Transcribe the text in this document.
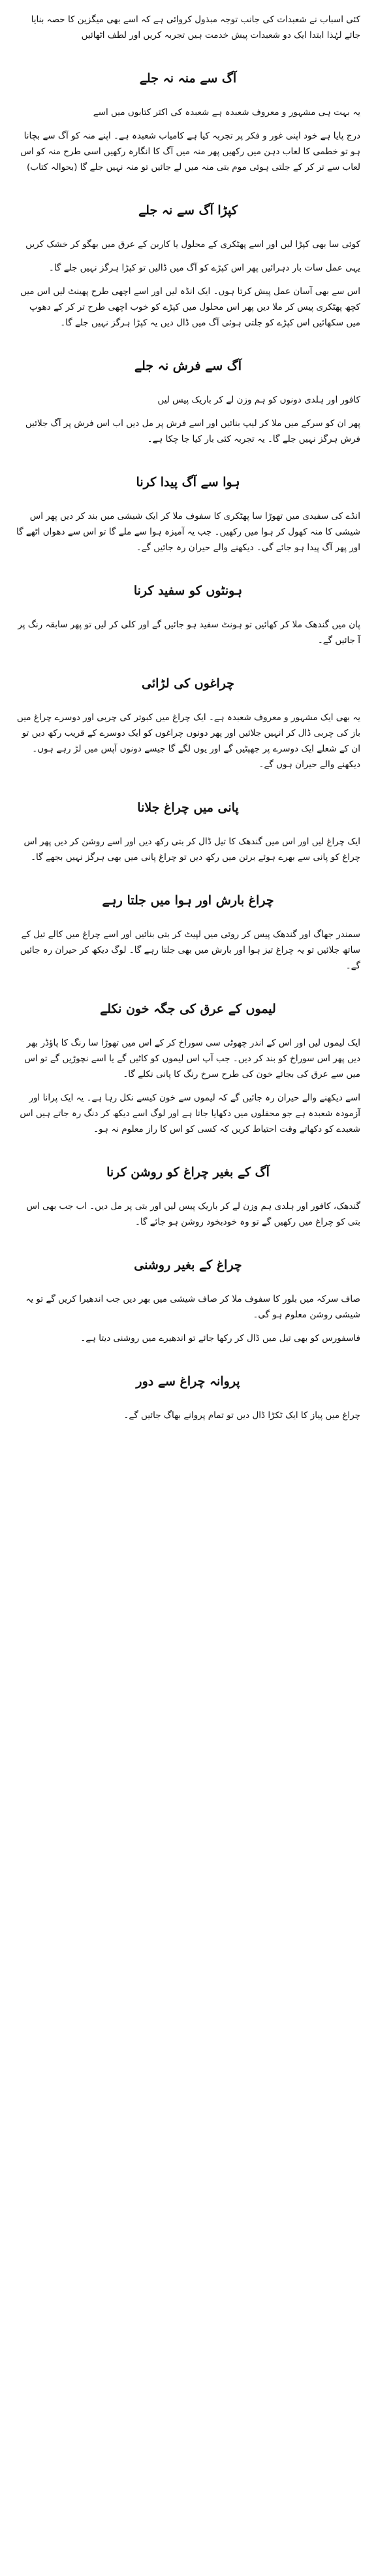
کئی اسباب نے شعبدات کی جانب توجہ مبذول کروائی ہے کہ اسے بھی میگزین کا حصہ بنایا جائے لہٰذا ابتدا ایک دو شعبدات پیش خدمت ہیں تجربہ کریں اور لطف اٹھائیں

آگ سے منہ نہ جلے

یہ بہت ہی مشہور و معروف شعبدہ ہے شعبدہ کی اکثر کتابوں میں اسے

درج پایا ہے خود اپنی غور و فکر پر تجربہ کیا ہے کامیاب شعبدہ ہے۔ اپنے منہ کو آگ سے بچانا ہو تو خطمی کا لعاب دہن میں رکھیں پھر منہ میں آگ کا انگارہ رکھیں اسی طرح منہ کو اس لعاب سے تر کر کے جلتی ہوئی موم بتی منہ میں لے جائیں تو منہ نہیں جلے گا (بحوالہ کتاب)

کپڑا آگ سے نہ جلے

کوئی سا بھی کپڑا لیں اور اسے پھٹکری کے محلول یا کاربن کے عرق میں بھگو کر خشک کریں

یہی عمل سات بار دہرائیں پھر اس کپڑے کو آگ میں ڈالیں تو کپڑا ہرگز نہیں جلے گا۔

اس سے بھی آسان عمل پیش کرتا ہوں۔ ایک انڈہ لیں اور اسے اچھی طرح پھینٹ لیں اس میں کچھ پھٹکری پیس کر ملا دیں پھر اس محلول میں کپڑے کو خوب اچھی طرح تر کر کے دھوپ میں سکھائیں اس کپڑے کو جلتی ہوئی آگ میں ڈال دیں یہ کپڑا ہرگز نہیں جلے گا۔

آگ سے فرش نہ جلے

کافور اور ہلدی دونوں کو ہم وزن لے کر باریک پیس لیں

پھر ان کو سرکے میں ملا کر لیپ بنائیں اور اسے فرش پر مل دیں اب اس فرش پر آگ جلائیں فرش ہرگز نہیں جلے گا۔ یہ تجربہ کئی بار کیا جا چکا ہے۔

ہوا سے آگ پیدا کرنا

انڈے کی سفیدی میں تھوڑا سا پھٹکری کا سفوف ملا کر ایک شیشی میں بند کر دیں پھر اس شیشی کا منہ کھول کر ہوا میں رکھیں۔ جب یہ آمیزہ ہوا سے ملے گا تو اس سے دھواں اٹھے گا اور پھر آگ پیدا ہو جائے گی۔ دیکھنے والے حیران رہ جائیں گے۔

ہونٹوں کو سفید کرنا

پان میں گندھک ملا کر کھائیں تو ہونٹ سفید ہو جائیں گے اور کلی کر لیں تو پھر سابقہ رنگ پر آ جائیں گے۔

چراغوں کی لڑائی

یہ بھی ایک مشہور و معروف شعبدہ ہے۔ ایک چراغ میں کبوتر کی چربی اور دوسرے چراغ میں باز کی چربی ڈال کر انہیں جلائیں اور پھر دونوں چراغوں کو ایک دوسرے کے قریب رکھ دیں تو ان کے شعلے ایک دوسرے پر جھپٹیں گے اور یوں لگے گا جیسے دونوں آپس میں لڑ رہے ہوں۔ دیکھنے والے حیران ہوں گے۔

پانی میں چراغ جلانا

ایک چراغ لیں اور اس میں گندھک کا تیل ڈال کر بتی رکھ دیں اور اسے روشن کر دیں پھر اس چراغ کو پانی سے بھرے ہوئے برتن میں رکھ دیں تو چراغ پانی میں بھی ہرگز نہیں بجھے گا۔

چراغ بارش اور ہوا میں جلتا رہے

سمندر جھاگ اور گندھک پیس کر روئی میں لپیٹ کر بتی بنائیں اور اسے چراغ میں کالے تیل کے ساتھ جلائیں تو یہ چراغ تیز ہوا اور بارش میں بھی جلتا رہے گا۔ لوگ دیکھ کر حیران رہ جائیں گے۔

لیموں کے عرق کی جگہ خون نکلے

ایک لیموں لیں اور اس کے اندر چھوٹی سی سوراخ کر کے اس میں تھوڑا سا رنگ کا پاؤڈر بھر دیں پھر اس سوراخ کو بند کر دیں۔ جب آپ اس لیموں کو کاٹیں گے یا اسے نچوڑیں گے تو اس میں سے عرق کی بجائے خون کی طرح سرخ رنگ کا پانی نکلے گا۔

اسے دیکھنے والے حیران رہ جائیں گے کہ لیموں سے خون کیسے نکل رہا ہے۔ یہ ایک پرانا اور آزمودہ شعبدہ ہے جو محفلوں میں دکھایا جاتا ہے اور لوگ اسے دیکھ کر دنگ رہ جاتے ہیں اس شعبدے کو دکھاتے وقت احتیاط کریں کہ کسی کو اس کا راز معلوم نہ ہو۔

آگ کے بغیر چراغ کو روشن کرنا

گندھک، کافور اور ہلدی ہم وزن لے کر باریک پیس لیں اور بتی پر مل دیں۔ اب جب بھی اس بتی کو چراغ میں رکھیں گے تو وہ خودبخود روشن ہو جائے گا۔

چراغ کے بغیر روشنی

صاف سرکہ میں بلور کا سفوف ملا کر صاف شیشی میں بھر دیں جب اندھیرا کریں گے تو یہ شیشی روشن معلوم ہو گی۔

فاسفورس کو بھی تیل میں ڈال کر رکھا جائے تو اندھیرے میں روشنی دیتا ہے۔

پروانہ چراغ سے دور

چراغ میں پیاز کا ایک ٹکڑا ڈال دیں تو تمام پروانے بھاگ جائیں گے۔
